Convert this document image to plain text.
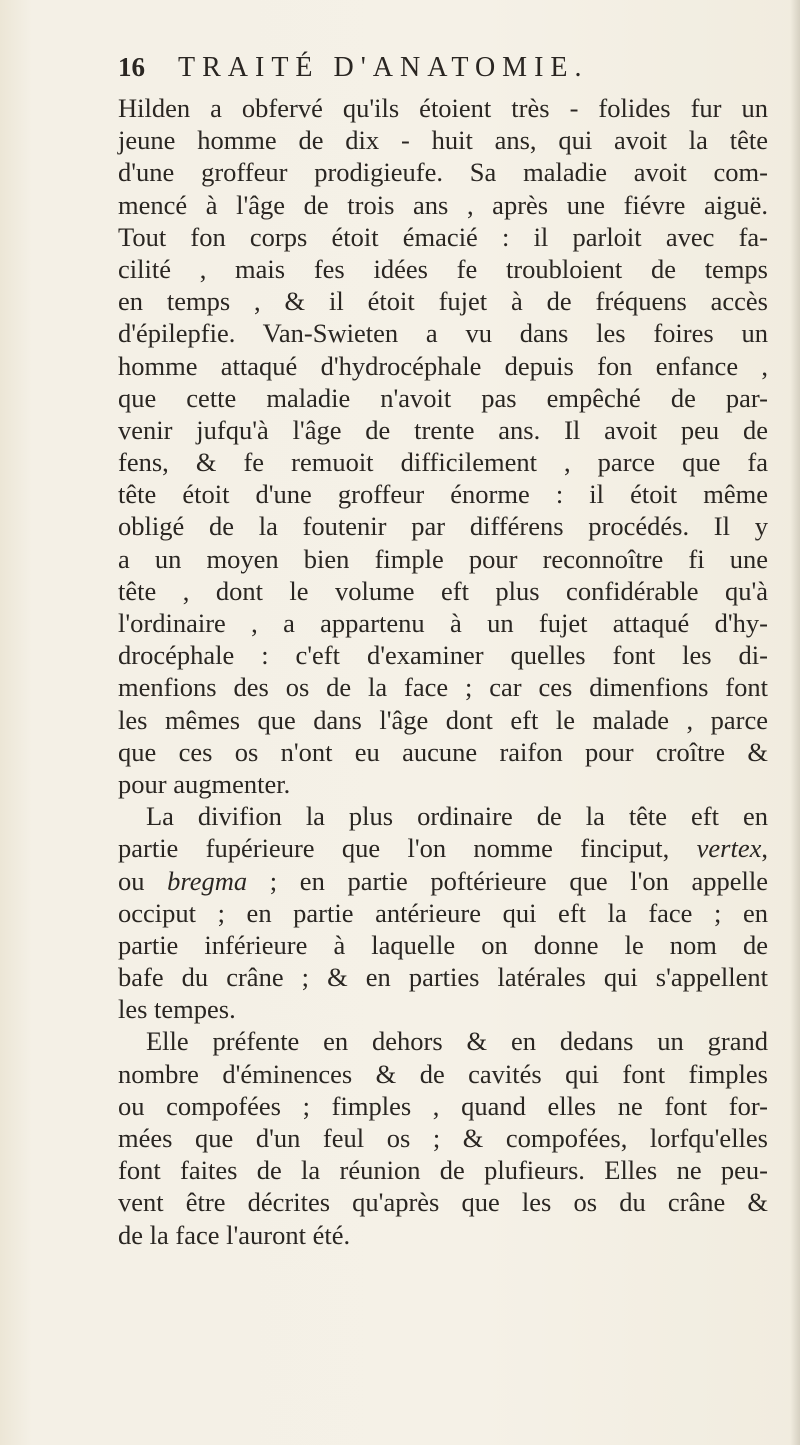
16	TRAITÉ D'ANATOMIE.
Hilden a obfervé qu'ils étoient très - folides fur un
jeune homme de dix - huit ans, qui avoit la tête
d'une groffeur prodigieufe. Sa maladie avoit com-
mencé à l'âge de trois ans , après une fiévre aiguë.
Tout fon corps étoit émacié : il parloit avec fa-
cilité , mais fes idées fe troubloient de temps
en temps , & il étoit fujet à de fréquens accès
d'épilepfie. Van-Swieten a vu dans les foires un
homme attaqué d'hydrocéphale depuis fon enfance ,
que cette maladie n'avoit pas empêché de par-
venir jufqu'à l'âge de trente ans. Il avoit peu de
fens, & fe remuoit difficilement , parce que fa
tête étoit d'une groffeur énorme : il étoit même
obligé de la foutenir par différens procédés. Il y
a un moyen bien fimple pour reconnoître fi une
tête , dont le volume eft plus confidérable qu'à
l'ordinaire , a appartenu à un fujet attaqué d'hy-
drocéphale : c'eft d'examiner quelles font les di-
menfions des os de la face ; car ces dimenfions font
les mêmes que dans l'âge dont eft le malade , parce
que ces os n'ont eu aucune raifon pour croître &
pour augmenter.
La divifion la plus ordinaire de la tête eft en
partie fupérieure que l'on nomme finciput, vertex,
ou bregma ; en partie poftérieure que l'on appelle
occiput ; en partie antérieure qui eft la face ; en
partie inférieure à laquelle on donne le nom de
bafe du crâne ; & en parties latérales qui s'appellent
les tempes.
Elle préfente en dehors & en dedans un grand
nombre d'éminences & de cavités qui font fimples
ou compofées ; fimples , quand elles ne font for-
mées que d'un feul os ; & compofées, lorfqu'elles
font faites de la réunion de plufieurs. Elles ne peu-
vent être décrites qu'après que les os du crâne &
de la face l'auront été.
